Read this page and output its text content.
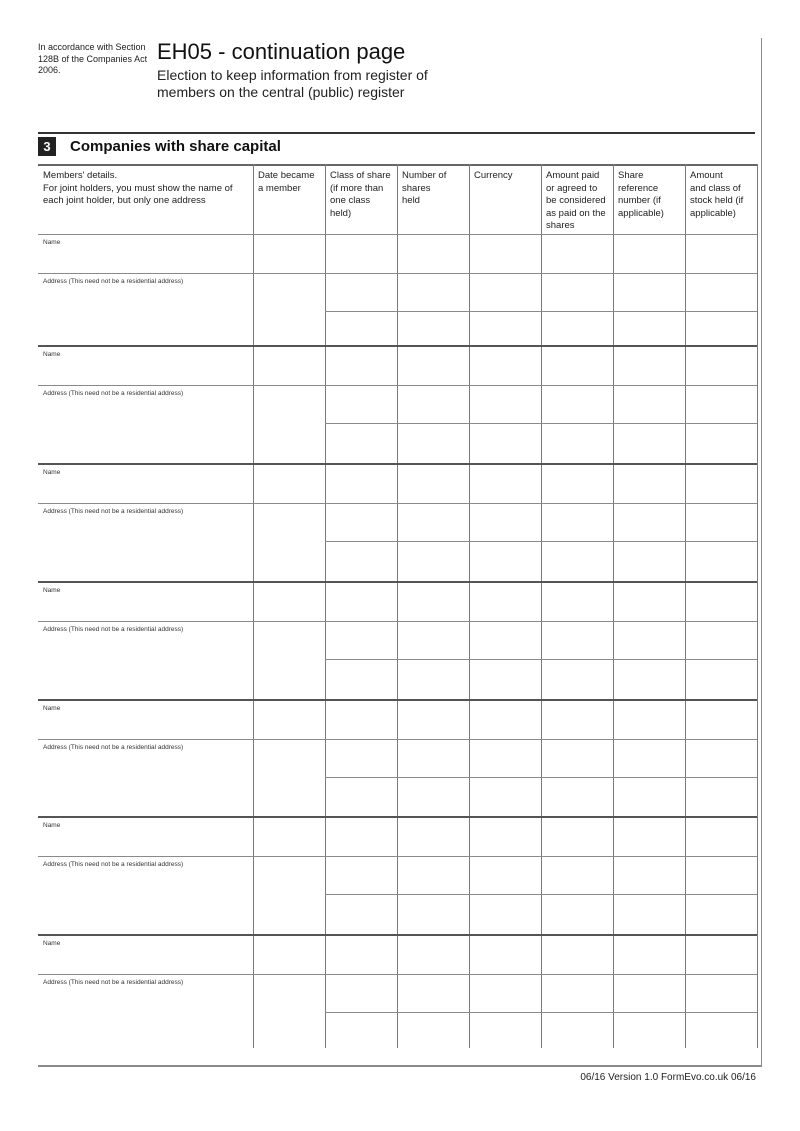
In accordance with Section 128B of the Companies Act 2006.
EH05 - continuation page
Election to keep information from register of members on the central (public) register
3	Companies with share capital
Members' details.
For joint holders, you must show the name of each joint holder, but only one address
Date became
a member
Class of share
(if more than
one class held)
Number of
shares
held
Currency	Amount paid
or agreed to
be considered
as paid on the
shares
Share
reference
number (if
applicable)
Amount
and class of
stock held (if
applicable)
Name
Address (This need not be a residential address)
Name
Address (This need not be a residential address)
Name
Address (This need not be a residential address)
Name
Address (This need not be a residential address)
Name
Address (This need not be a residential address)
Name
Address (This need not be a residential address)
Name
Address (This need not be a residential address)
06/16 Version 1.0 FormEvo.co.uk 06/16
